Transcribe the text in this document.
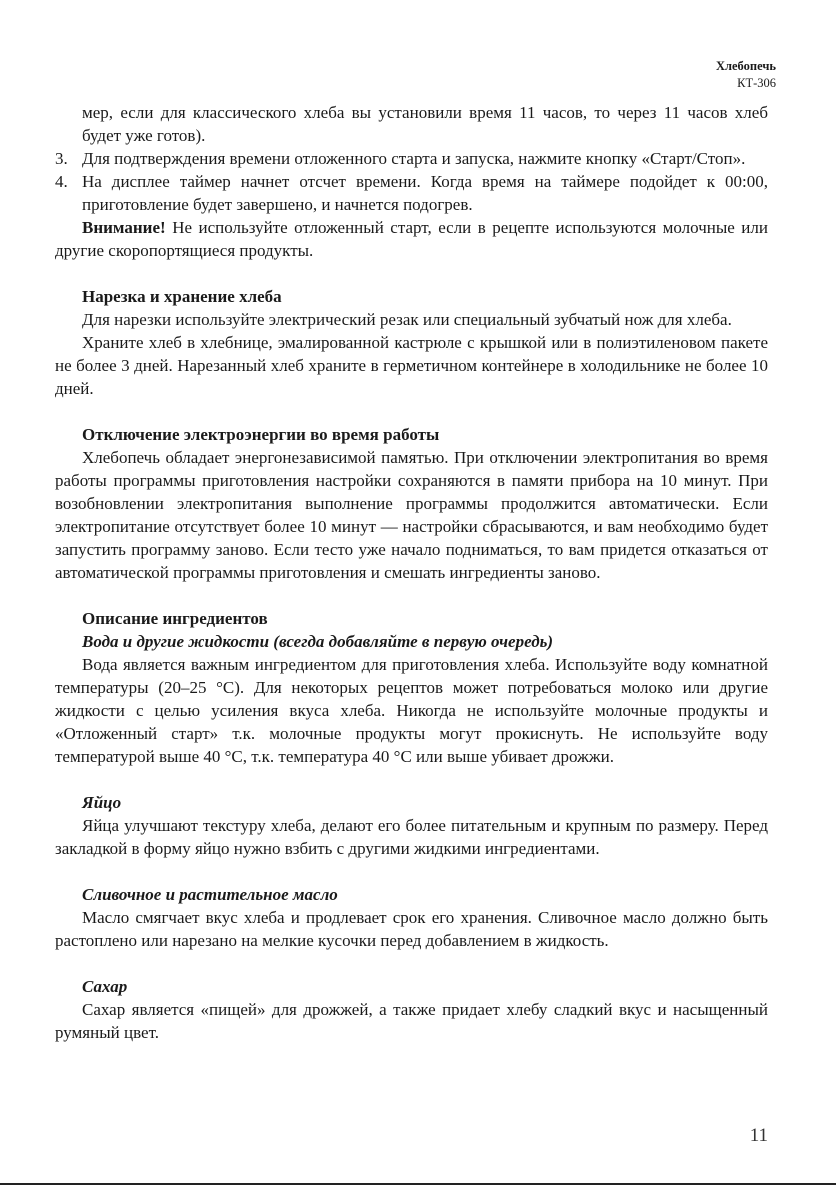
Хлебопечь
КТ-306

мер, если для классического хлеба вы установили время 11 часов, то через 11 часов хлеб будет уже готов).

3. Для подтверждения времени отложенного старта и запуска, нажмите кнопку «Старт/Стоп».
4. На дисплее таймер начнет отсчет времени. Когда время на таймере подойдет к 00:00, приготовление будет завершено, и начнется подогрев.

Внимание! Не используйте отложенный старт, если в рецепте используются молочные или другие скоропортящиеся продукты.

Нарезка и хранение хлеба

Для нарезки используйте электрический резак или специальный зубчатый нож для хлеба.

Храните хлеб в хлебнице, эмалированной кастрюле с крышкой или в полиэтиленовом пакете не более 3 дней. Нарезанный хлеб храните в герметичном контейнере в холодильнике не более 10 дней.

Отключение электроэнергии во время работы

Хлебопечь обладает энергонезависимой памятью. При отключении электропитания во время работы программы приготовления настройки сохраняются в памяти прибора на 10 минут. При возобновлении электропитания выполнение программы продолжится автоматически. Если электропитание отсутствует более 10 минут — настройки сбрасываются, и вам необходимо будет запустить программу заново. Если тесто уже начало подниматься, то вам придется отказаться от автоматической программы приготовления и смешать ингредиенты заново.

Описание ингредиентов
Вода и другие жидкости (всегда добавляйте в первую очередь)

Вода является важным ингредиентом для приготовления хлеба. Используйте воду комнатной температуры (20–25 °С). Для некоторых рецептов может потребоваться молоко или другие жидкости с целью усиления вкуса хлеба. Никогда не используйте молочные продукты и «Отложенный старт» т.к. молочные продукты могут прокиснуть. Не используйте воду температурой выше 40 °С, т.к. температура 40 °С или выше убивает дрожжи.

Яйцо

Яйца улучшают текстуру хлеба, делают его более питательным и крупным по размеру. Перед закладкой в форму яйцо нужно взбить с другими жидкими ингредиентами.

Сливочное и растительное масло

Масло смягчает вкус хлеба и продлевает срок его хранения. Сливочное масло должно быть растоплено или нарезано на мелкие кусочки перед добавлением в жидкость.

Сахар

Сахар является «пищей» для дрожжей, а также придает хлебу сладкий вкус и насыщенный румяный цвет.

11
